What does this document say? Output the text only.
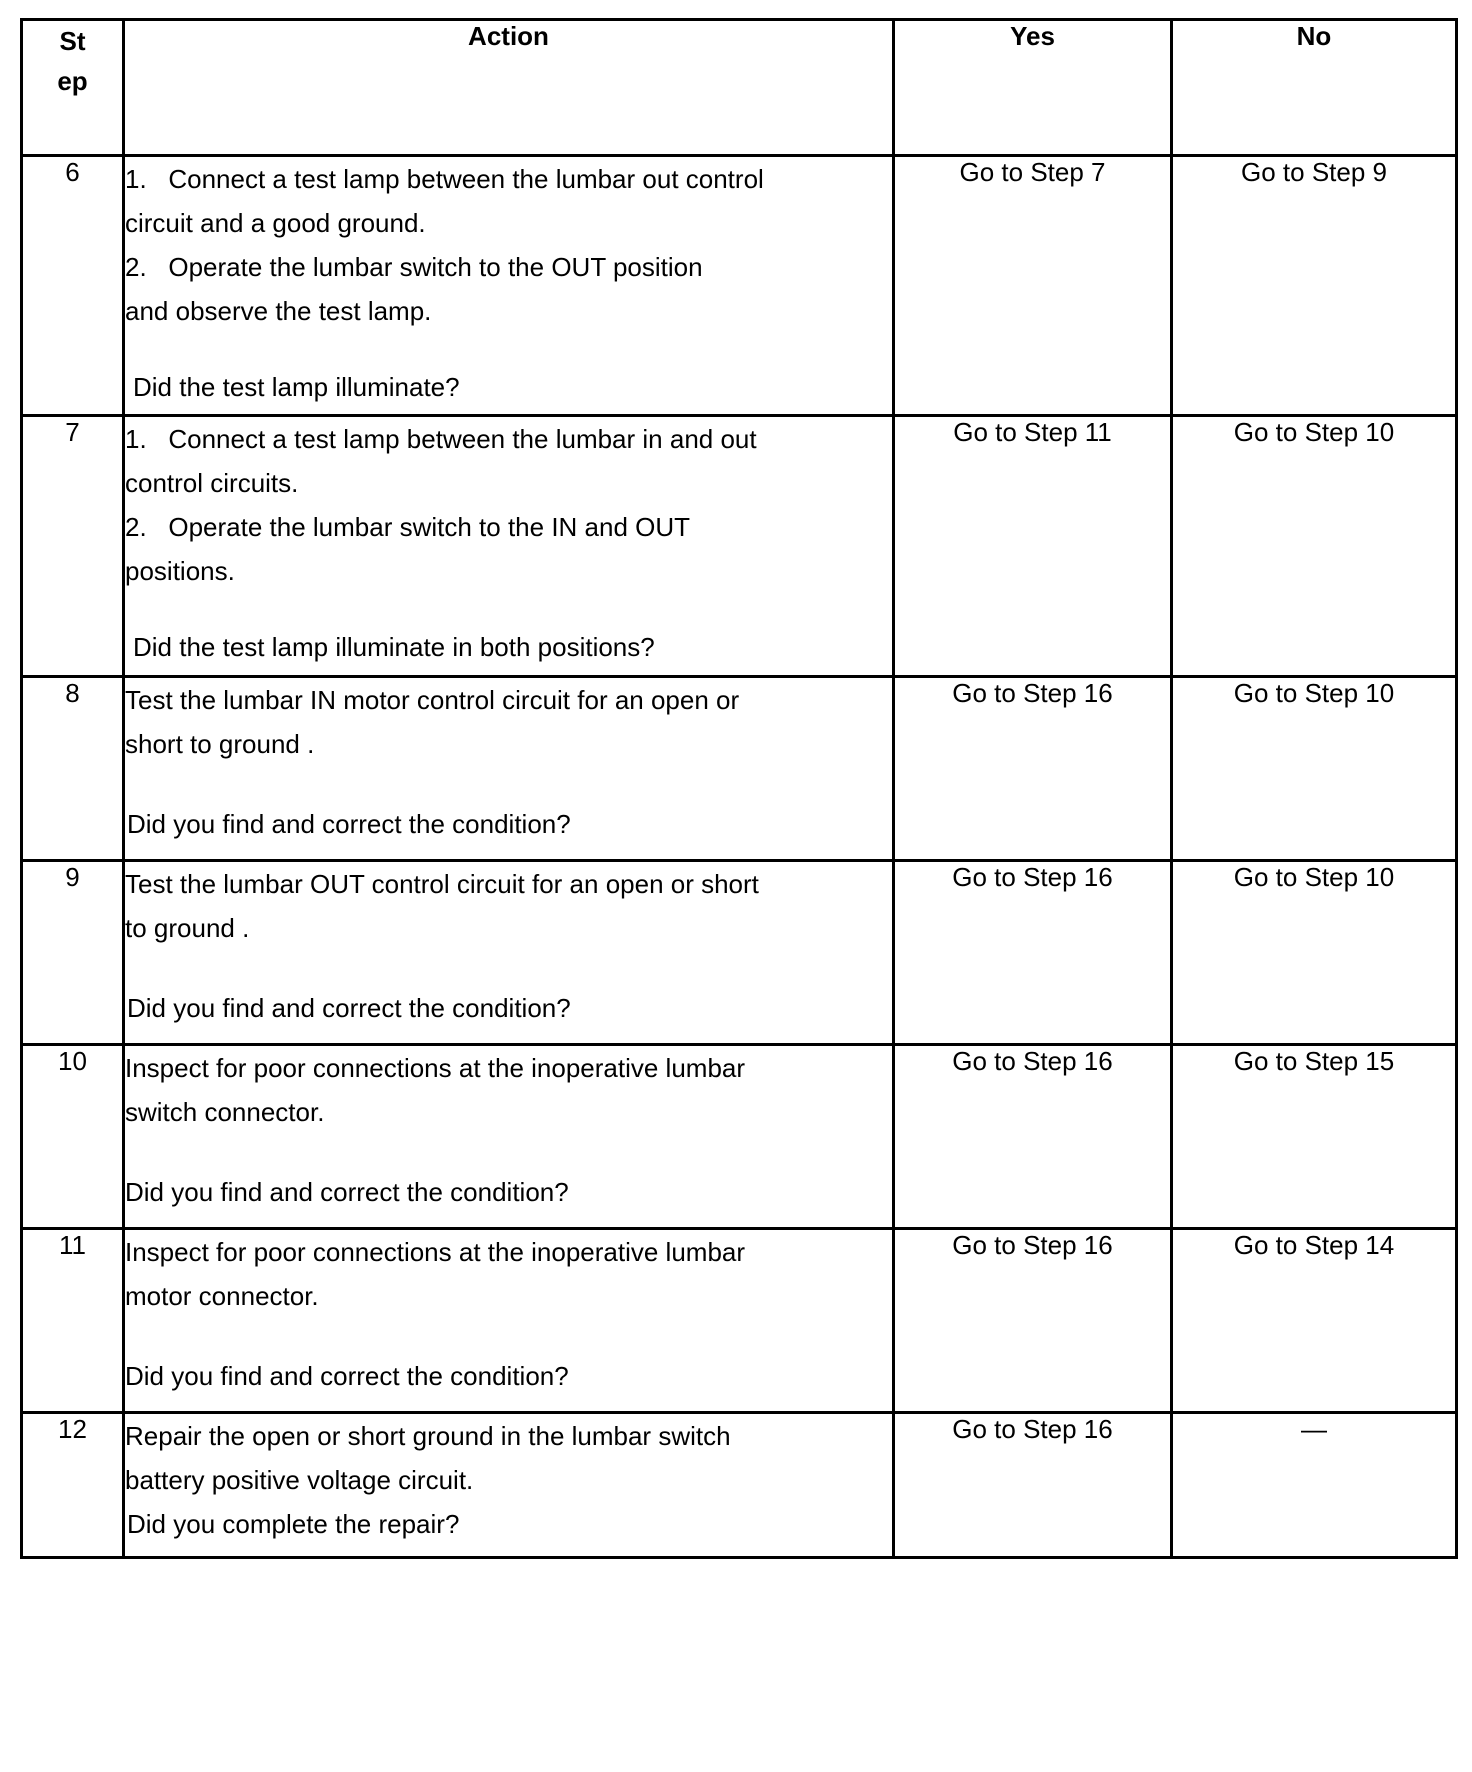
St
ep	Action	Yes	No
6	1.   Connect a test lamp between the lumbar out control
circuit and a good ground.
2.   Operate the lumbar switch to the OUT position
and observe the test lamp.
Did the test lamp illuminate?	Go to Step 7	Go to Step 9
7	1.   Connect a test lamp between the lumbar in and out
control circuits.
2.   Operate the lumbar switch to the IN and OUT
positions.
Did the test lamp illuminate in both positions?	Go to Step 11	Go to Step 10
8	Test the lumbar IN motor control circuit for an open or
short to ground .
Did you find and correct the condition?	Go to Step 16	Go to Step 10
9	Test the lumbar OUT control circuit for an open or short
to ground .
Did you find and correct the condition?	Go to Step 16	Go to Step 10
10	Inspect for poor connections at the inoperative lumbar
switch connector.
Did you find and correct the condition?	Go to Step 16	Go to Step 15
11	Inspect for poor connections at the inoperative lumbar
motor connector.
Did you find and correct the condition?	Go to Step 16	Go to Step 14
12	Repair the open or short ground in the lumbar switch
battery positive voltage circuit.
Did you complete the repair?	Go to Step 16	—
